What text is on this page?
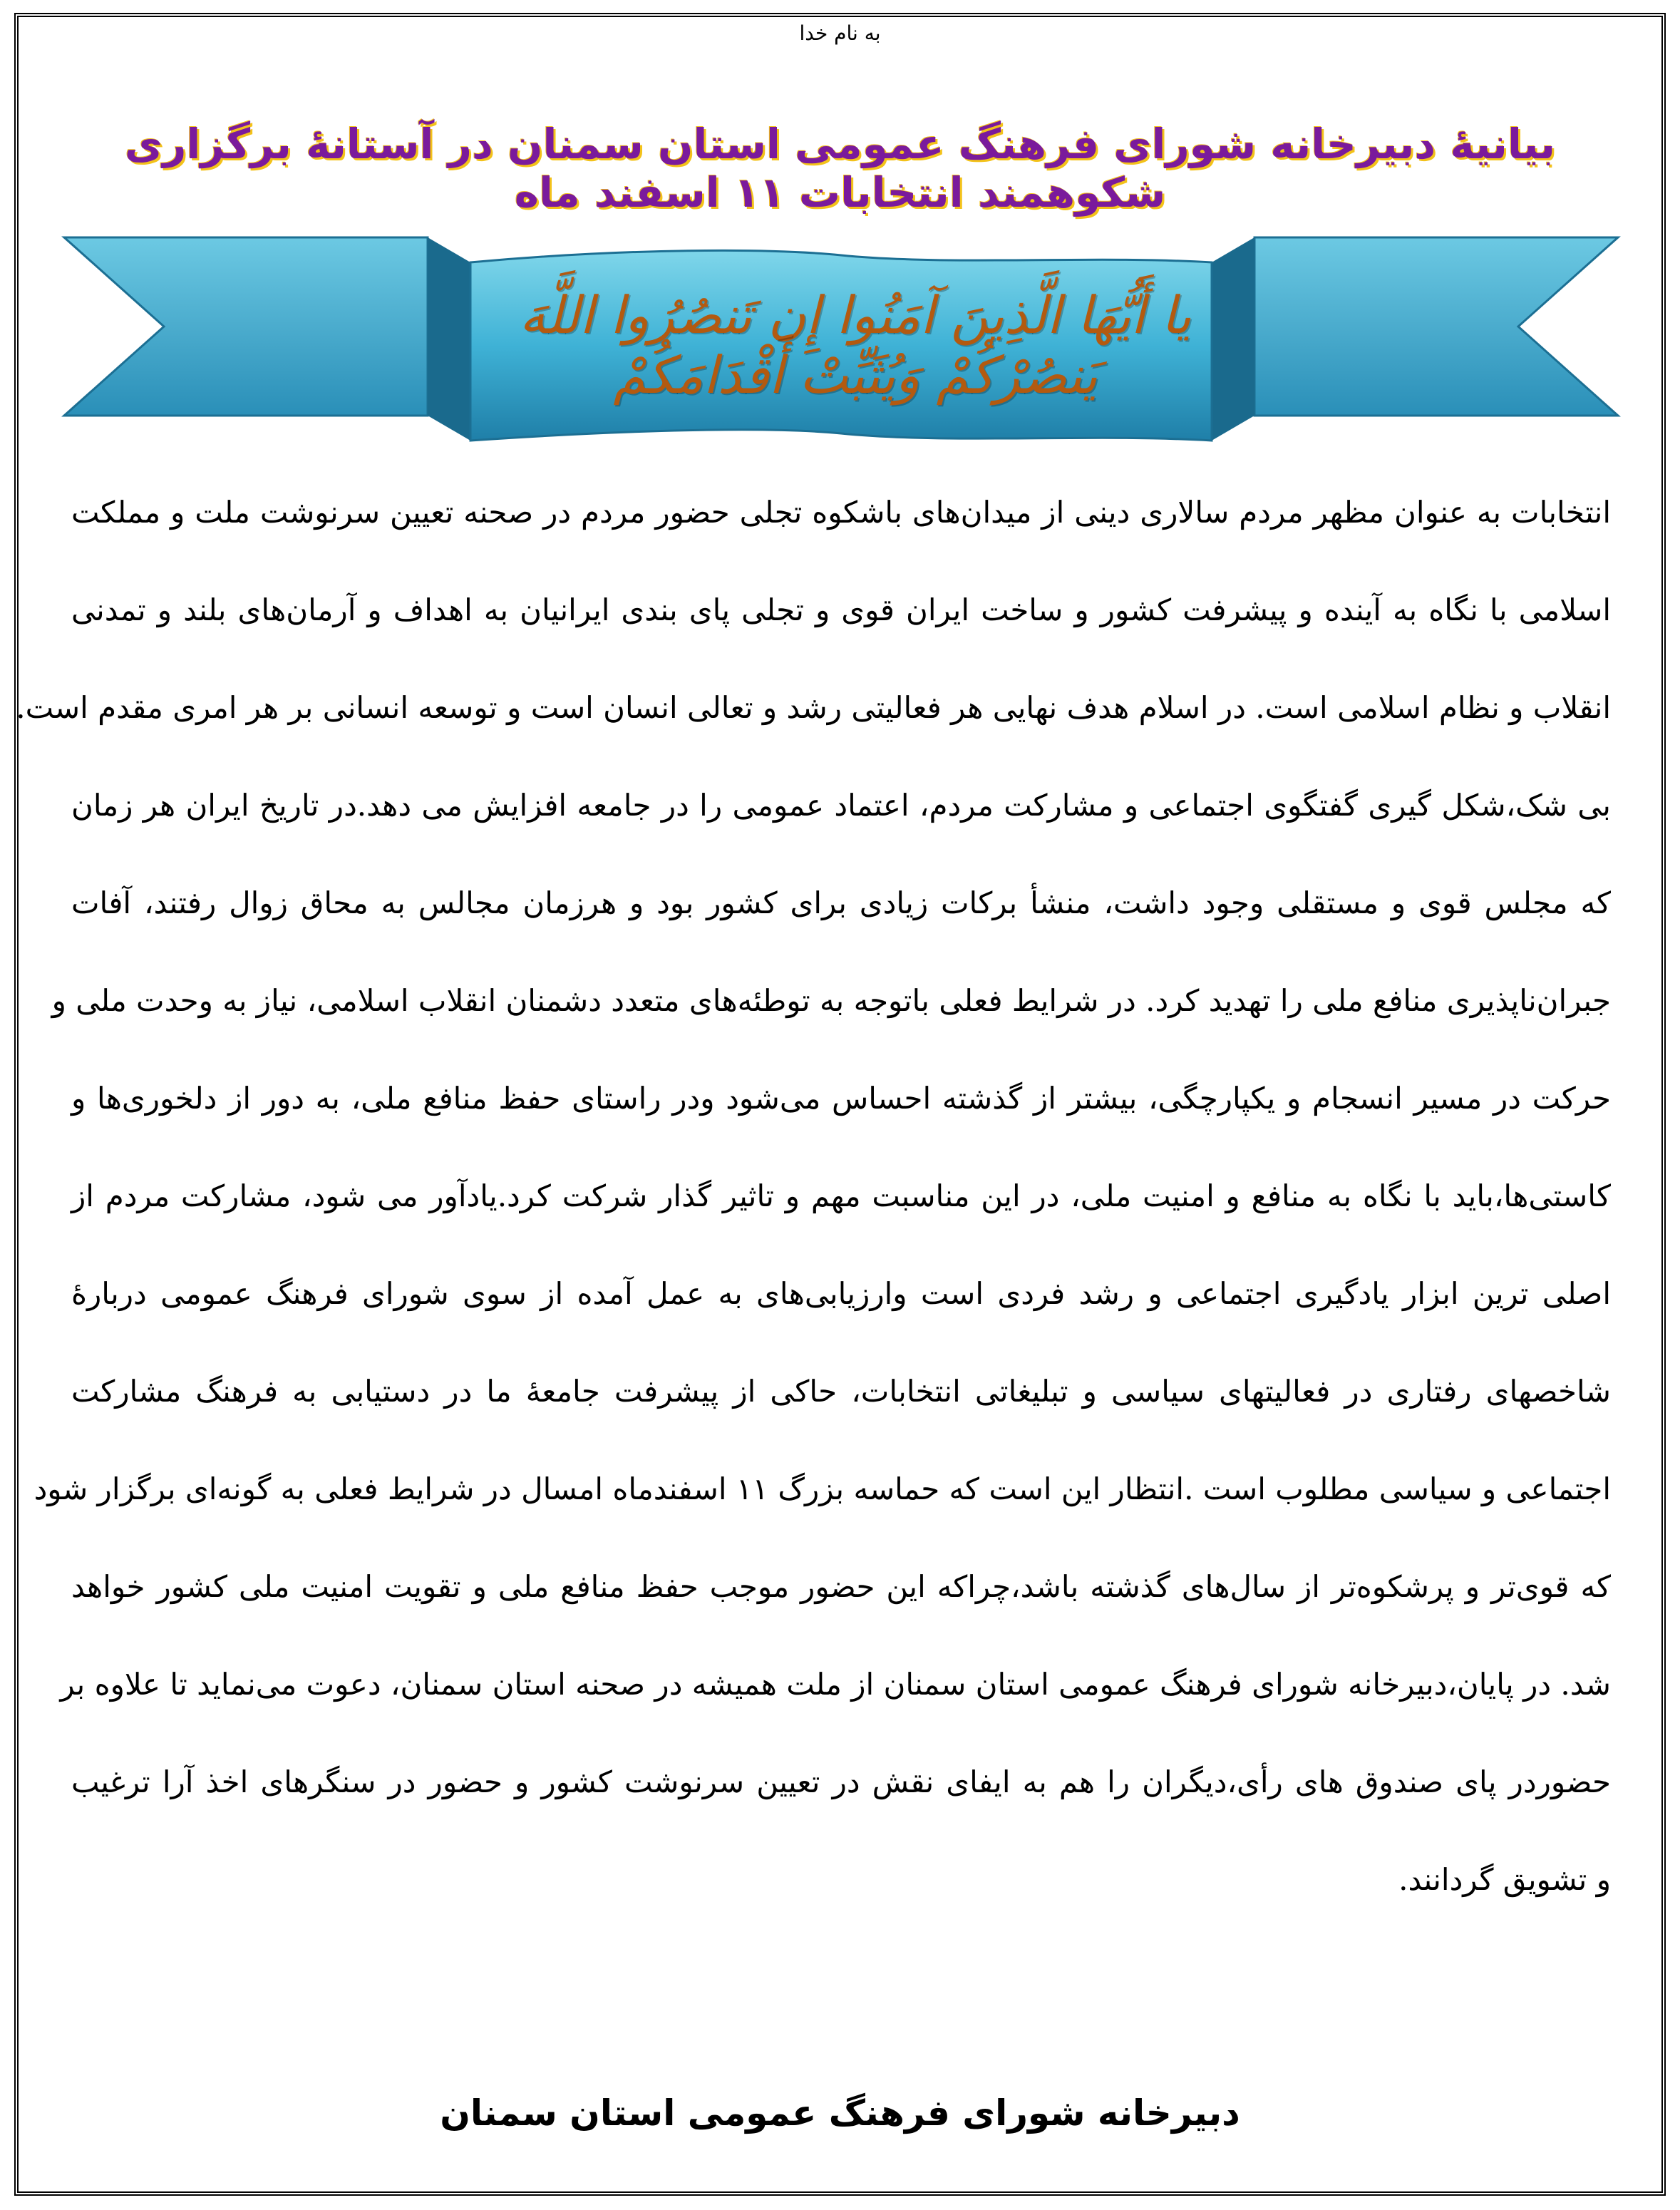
به نام خدا
بیانیۀ دبیرخانه شورای فرهنگ عمومی استان سمنان در آستانۀ برگزاری شکوهمند انتخابات ۱۱ اسفند ماه
یا أَیُّهَا الَّذِینَ آمَنُوا إِن تَنصُرُوا اللَّهَ یَنصُرْکُمْ وَیُثَبِّتْ أَقْدَامَکُمْ
انتخابات به عنوان مظهر مردم سالاری دینی از میدان‌های باشکوه تجلی حضور مردم در صحنه تعیین سرنوشت ملت و مملکت
اسلامی با نگاه به آینده و پیشرفت کشور و ساخت ایران قوی و تجلی پای بندی ایرانیان به اهداف و آرمان‌های بلند و تمدنی
انقلاب و نظام اسلامی است. در اسلام هدف نهایی هر فعالیتی رشد و تعالی انسان است و توسعه انسانی بر هر امری مقدم است.
بی شک،شکل گیری گفتگوی اجتماعی و مشارکت مردم، اعتماد عمومی را در جامعه افزایش می دهد.در تاریخ ایران هر زمان
که مجلس قوی و مستقلی وجود داشت، منشأ برکات زیادی برای کشور بود و هرزمان مجالس به محاق زوال رفتند، آفات
جبران‌ناپذیری منافع ملی را تهدید کرد. در شرایط فعلی باتوجه به توطئه‌های متعدد دشمنان انقلاب اسلامی، نیاز به وحدت ملی و
حرکت در مسیر انسجام و یکپارچگی، بیشتر از گذشته احساس می‌شود ودر راستای حفظ منافع ملی، به دور از دلخوری‌ها و
کاستی‌ها،باید با نگاه به منافع و امنیت ملی، در این مناسبت مهم و تاثیر گذار شرکت کرد.یادآور می شود، مشارکت مردم از
اصلی ترین ابزار یادگیری اجتماعی و رشد فردی است وارزیابی‌های به عمل آمده از سوی شورای فرهنگ عمومی دربارۀ
شاخصهای رفتاری در فعالیتهای سیاسی و تبلیغاتی انتخابات، حاکی از پیشرفت جامعۀ ما در دستیابی به فرهنگ مشارکت
اجتماعی و سیاسی مطلوب است .انتظار این است که حماسه بزرگ ۱۱ اسفندماه امسال در شرایط فعلی به گونه‌ای برگزار شود
که قوی‌تر و پرشکوه‌تر از سال‌های گذشته باشد،چراکه این حضور موجب حفظ منافع ملی و تقویت امنیت ملی کشور خواهد
شد. در پایان،دبیرخانه شورای فرهنگ عمومی استان سمنان از ملت همیشه در صحنه استان سمنان، دعوت می‌نماید تا علاوه بر
حضوردر پای صندوق های رأی،دیگران را هم به ایفای نقش در تعیین سرنوشت کشور و حضور در سنگرهای اخذ آرا ترغیب
و تشویق گردانند.
دبیرخانه شورای فرهنگ عمومی استان سمنان
